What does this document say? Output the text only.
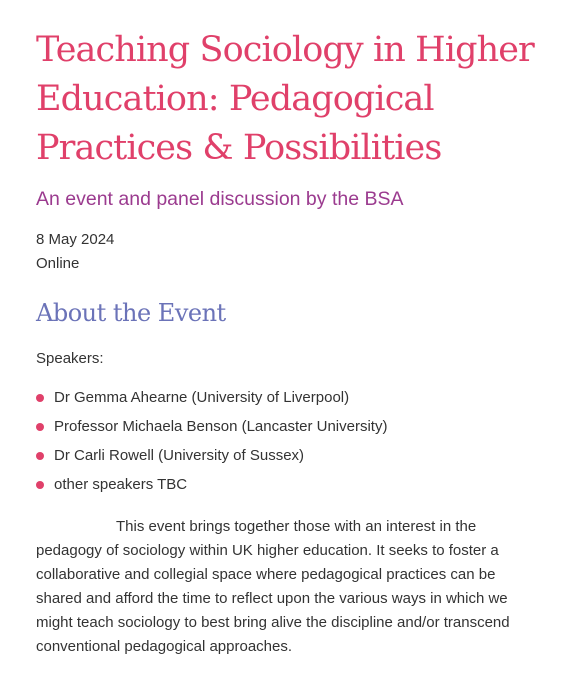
Teaching Sociology in Higher Education: Pedagogical Practices & Possibilities

An event and panel discussion by the BSA

8 May 2024
Online
About the Event
Speakers:
Dr Gemma Ahearne (University of Liverpool)
Professor Michaela Benson (Lancaster University)
Dr Carli Rowell (University of Sussex)
other speakers TBC

This event brings together those with an interest in the pedagogy of sociology within UK higher education. It seeks to foster a collaborative and collegial space where pedagogical practices can be shared and afford the time to reflect upon the various ways in which we might teach sociology to best bring alive the discipline and/or transcend conventional pedagogical approaches.
